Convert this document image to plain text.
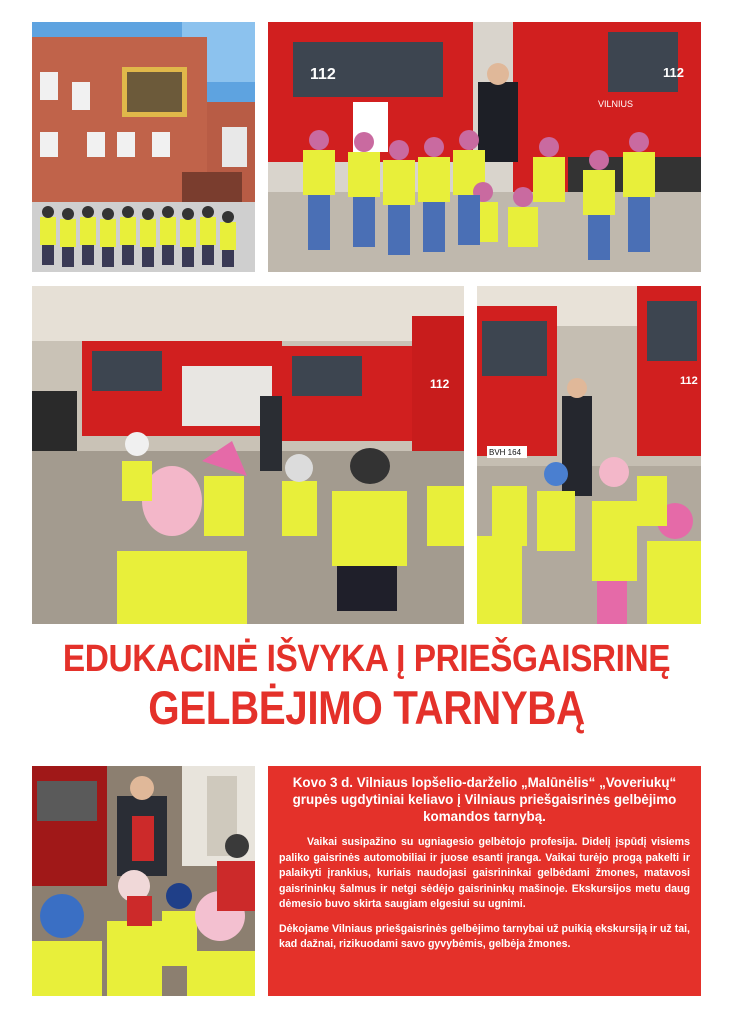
112	112
VILNIUS
112	112
BVH 164
EDUKACINĖ IŠVYKA Į PRIEŠGAISRINĘ
GELBĖJIMO TARNYBĄ

Kovo 3 d. Vilniaus lopšelio-darželio „Malūnėlis“ „Voveriukų“ grupės ugdytiniai keliavo į Vilniaus priešgaisrinės gelbėjimo komandos tarnybą.

Vaikai susipažino su ugniagesio gelbėtojo profesija. Didelį įspūdį visiems paliko gaisrinės automobiliai ir juose esanti įranga. Vaikai turėjo progą pakelti ir palaikyti įrankius, kuriais naudojasi gaisrininkai gelbėdami žmones, matavosi gaisrininkų šalmus ir netgi sėdėjo gaisrininkų mašinoje. Ekskursijos metu daug dėmesio buvo skirta saugiam elgesiui su ugnimi.

Dėkojame Vilniaus priešgaisrinės gelbėjimo tarnybai už puikią ekskursiją ir už tai, kad dažnai, rizikuodami savo gyvybėmis, gelbėja žmones.
